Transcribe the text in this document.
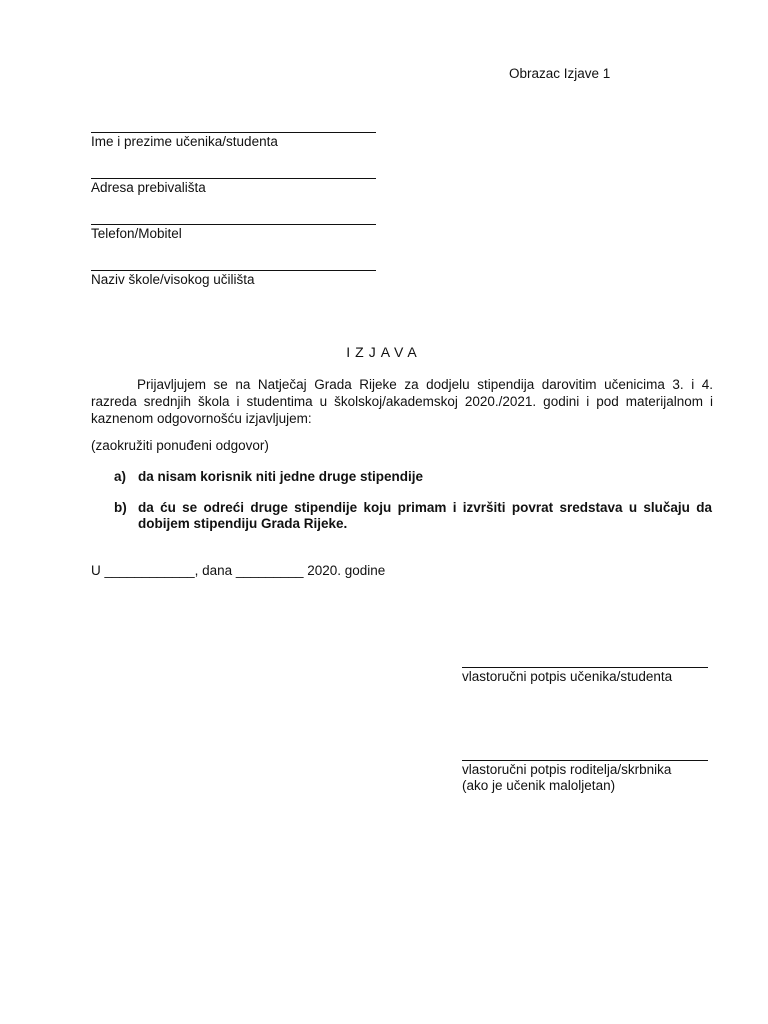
Obrazac Izjave 1

Ime i prezime učenika/studenta
Adresa prebivališta
Telefon/Mobitel
Naziv škole/visokog učilišta

IZJAVA

Prijavljujem se na Natječaj Grada Rijeke za dodjelu stipendija darovitim učenicima 3. i 4. razreda srednjih škola i studentima u školskoj/akademskoj 2020./2021. godini i pod materijalnom i kaznenom odgovornošću izjavljujem:

(zaokružiti ponuđeni odgovor)

a) da nisam korisnik niti jedne druge stipendije
b) da ću se odreći druge stipendije koju primam i izvršiti povrat sredstava u slučaju da dobijem stipendiju Grada Rijeke.

U ____________, dana _________ 2020. godine

vlastoručni potpis učenika/studenta
vlastoručni potpis roditelja/skrbnika
(ako je učenik maloljetan)
